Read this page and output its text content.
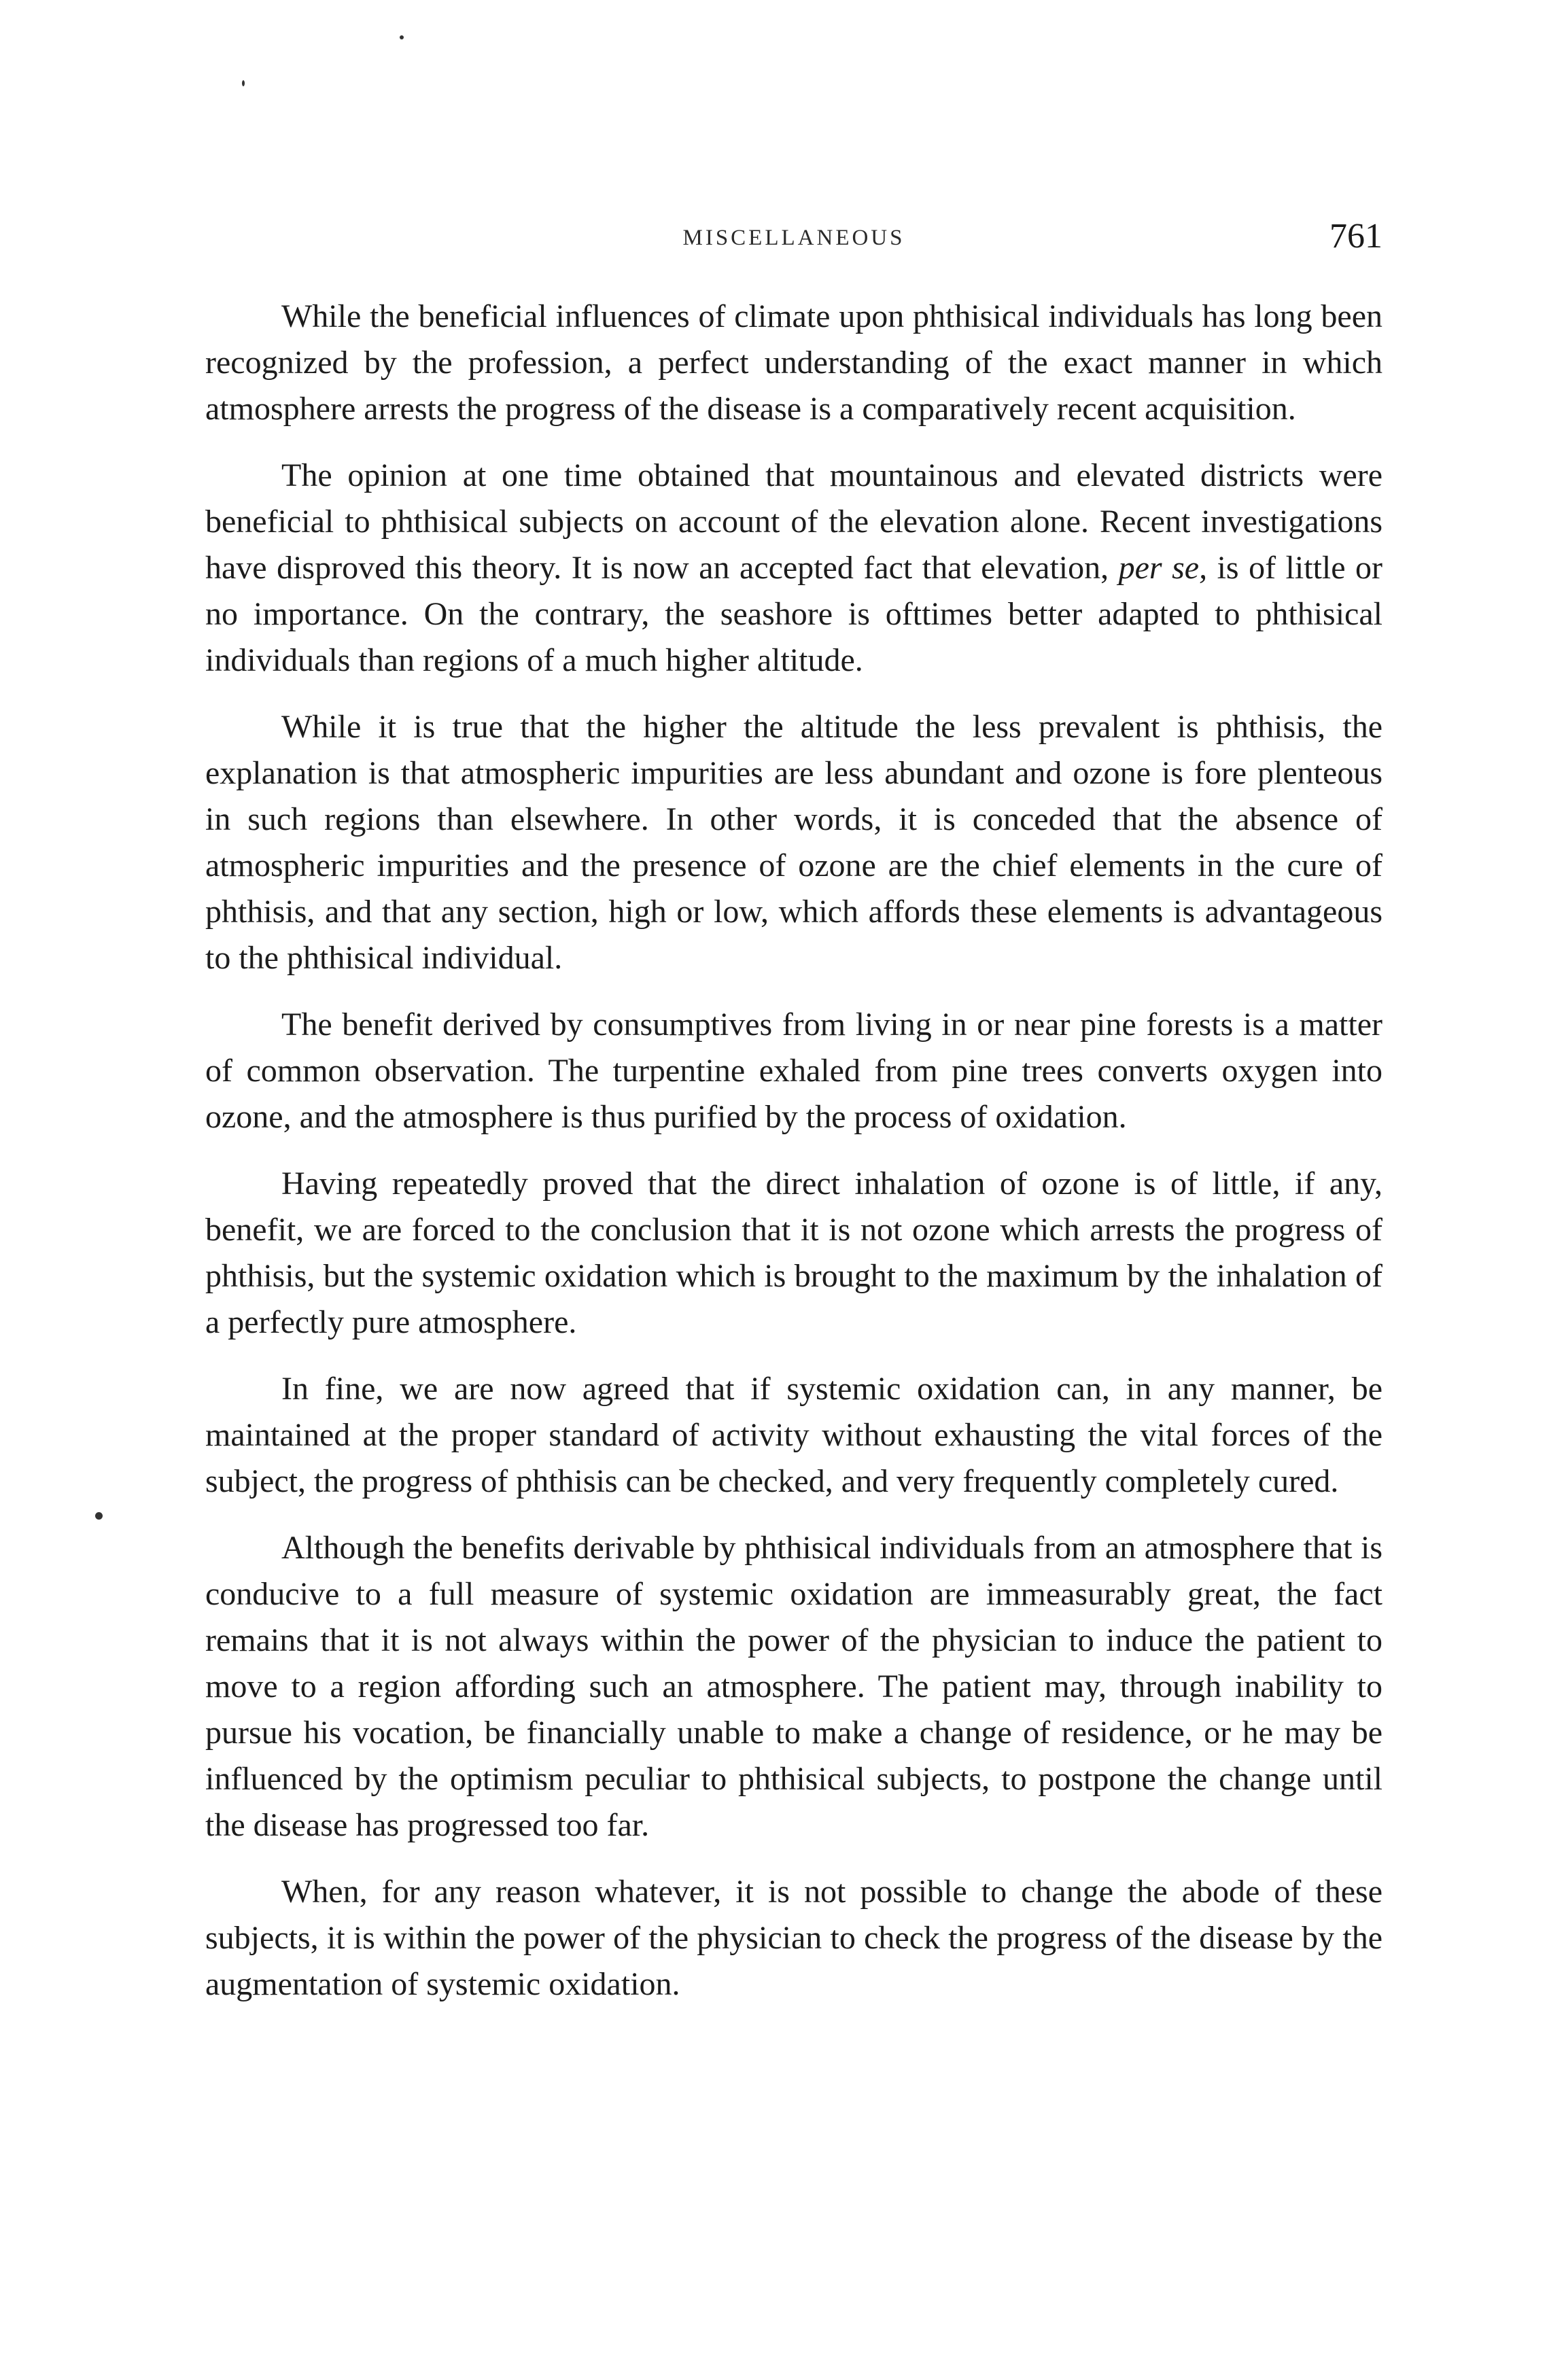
MISCELLANEOUS	761

While the beneficial influences of climate upon phthisical individuals has long been recognized by the profession, a perfect understanding of the exact manner in which atmosphere arrests the progress of the disease is a comparatively recent acquisition.

The opinion at one time obtained that mountainous and elevated districts were beneficial to phthisical subjects on account of the elevation alone. Recent investigations have disproved this theory. It is now an accepted fact that elevation, per se, is of little or no importance. On the contrary, the seashore is ofttimes better adapted to phthisical individuals than regions of a much higher altitude.

While it is true that the higher the altitude the less prevalent is phthisis, the explanation is that atmospheric impurities are less abundant and ozone is fore plenteous in such regions than elsewhere. In other words, it is conceded that the absence of atmospheric impurities and the presence of ozone are the chief elements in the cure of phthisis, and that any section, high or low, which affords these elements is advantageous to the phthisical individual.

The benefit derived by consumptives from living in or near pine forests is a matter of common observation. The turpentine exhaled from pine trees converts oxygen into ozone, and the atmosphere is thus purified by the process of oxidation.

Having repeatedly proved that the direct inhalation of ozone is of little, if any, benefit, we are forced to the conclusion that it is not ozone which arrests the progress of phthisis, but the systemic oxidation which is brought to the maximum by the inhalation of a perfectly pure atmosphere.

In fine, we are now agreed that if systemic oxidation can, in any manner, be maintained at the proper standard of activity without exhausting the vital forces of the subject, the progress of phthisis can be checked, and very frequently completely cured.

Although the benefits derivable by phthisical individuals from an atmosphere that is conducive to a full measure of systemic oxidation are immeasurably great, the fact remains that it is not always within the power of the physician to induce the patient to move to a region affording such an atmosphere. The patient may, through inability to pursue his vocation, be financially unable to make a change of residence, or he may be influenced by the optimism peculiar to phthisical subjects, to postpone the change until the disease has progressed too far.

When, for any reason whatever, it is not possible to change the abode of these subjects, it is within the power of the physician to check the progress of the disease by the augmentation of systemic oxidation.
